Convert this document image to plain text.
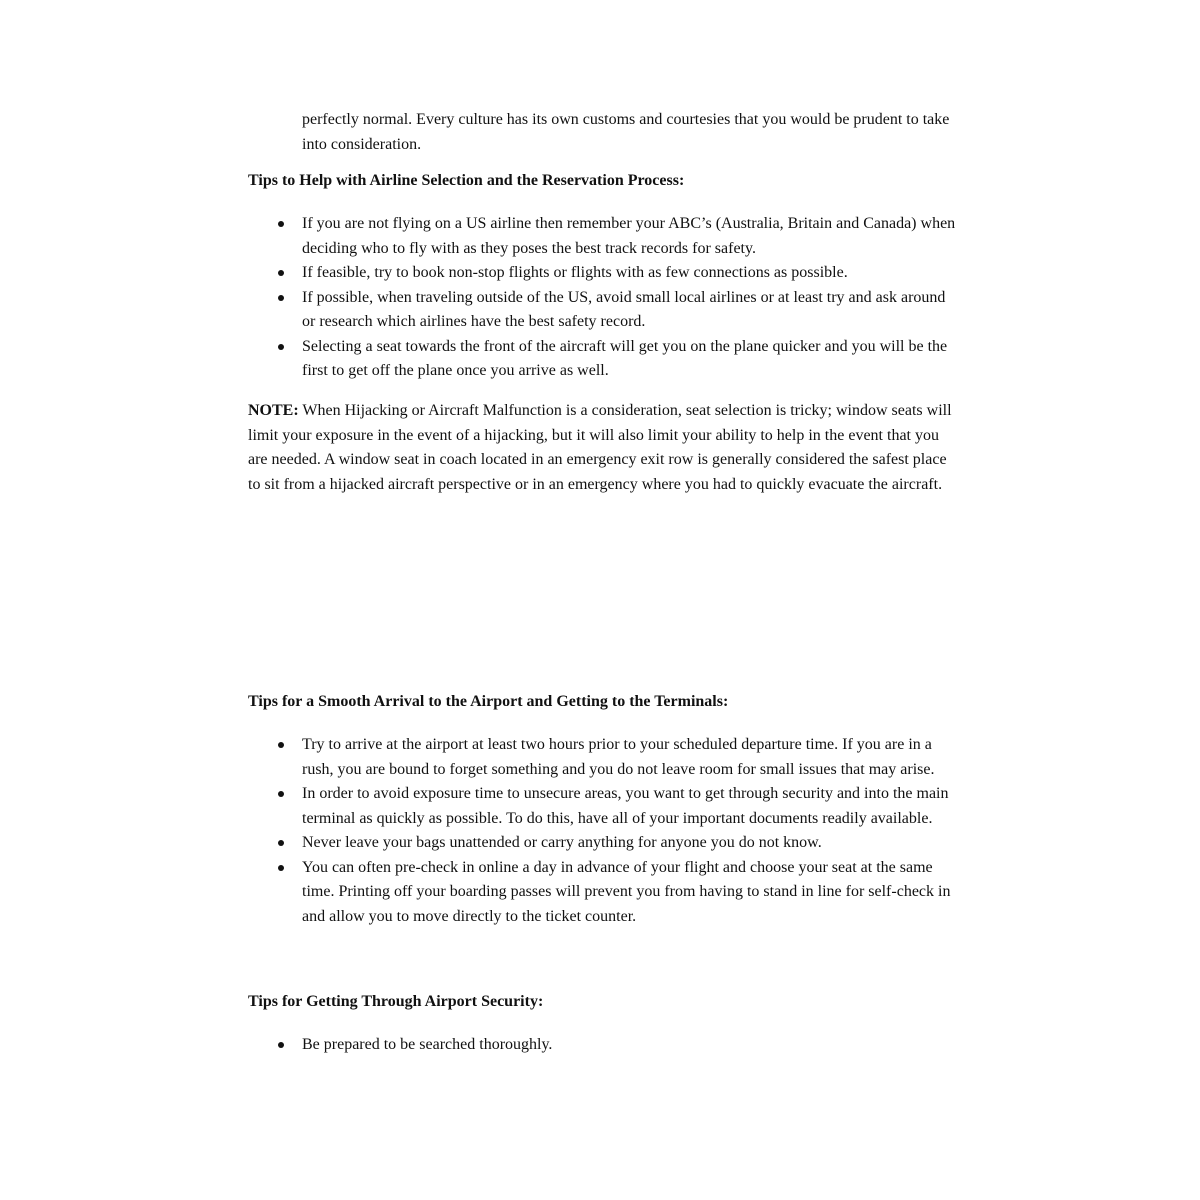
perfectly normal. Every culture has its own customs and courtesies that you would be prudent to take into consideration.

Tips to Help with Airline Selection and the Reservation Process:
If you are not flying on a US airline then remember your ABC’s (Australia, Britain and Canada) when deciding who to fly with as they poses the best track records for safety.
If feasible, try to book non-stop flights or flights with as few connections as possible.
If possible, when traveling outside of the US, avoid small local airlines or at least try and ask around or research which airlines have the best safety record.
Selecting a seat towards the front of the aircraft will get you on the plane quicker and you will be the first to get off the plane once you arrive as well.

NOTE: When Hijacking or Aircraft Malfunction is a consideration, seat selection is tricky; window seats will limit your exposure in the event of a hijacking, but it will also limit your ability to help in the event that you are needed. A window seat in coach located in an emergency exit row is generally considered the safest place to sit from a hijacked aircraft perspective or in an emergency where you had to quickly evacuate the aircraft.

Tips for a Smooth Arrival to the Airport and Getting to the Terminals:
Try to arrive at the airport at least two hours prior to your scheduled departure time. If you are in a rush, you are bound to forget something and you do not leave room for small issues that may arise.
In order to avoid exposure time to unsecure areas, you want to get through security and into the main terminal as quickly as possible. To do this, have all of your important documents readily available.
Never leave your bags unattended or carry anything for anyone you do not know.
You can often pre-check in online a day in advance of your flight and choose your seat at the same time. Printing off your boarding passes will prevent you from having to stand in line for self-check in and allow you to move directly to the ticket counter.
Tips for Getting Through Airport Security:
Be prepared to be searched thoroughly.
